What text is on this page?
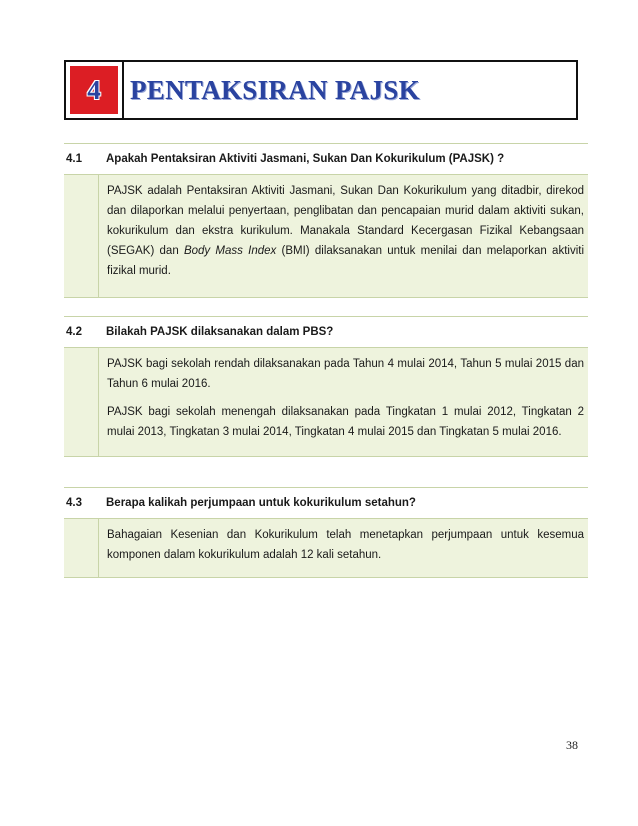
4	PENTAKSIRAN PAJSK
4.1	Apakah Pentaksiran Aktiviti Jasmani, Sukan Dan Kokurikulum (PAJSK) ?

PAJSK adalah Pentaksiran Aktiviti Jasmani, Sukan Dan Kokurikulum yang ditadbir, direkod dan dilaporkan melalui penyertaan, penglibatan dan pencapaian murid dalam aktiviti sukan, kokurikulum dan ekstra kurikulum. Manakala Standard Kecergasan Fizikal Kebangsaan (SEGAK) dan Body Mass Index (BMI) dilaksanakan untuk menilai dan melaporkan aktiviti fizikal murid.

4.2	Bilakah PAJSK dilaksanakan dalam PBS?

PAJSK bagi sekolah rendah dilaksanakan pada Tahun 4 mulai 2014, Tahun 5 mulai 2015 dan Tahun 6 mulai 2016.

PAJSK bagi sekolah menengah dilaksanakan pada Tingkatan 1 mulai 2012, Tingkatan 2 mulai 2013, Tingkatan 3 mulai 2014, Tingkatan 4 mulai 2015 dan Tingkatan 5 mulai 2016.

4.3	Berapa kalikah perjumpaan untuk kokurikulum setahun?

Bahagaian Kesenian dan Kokurikulum telah menetapkan perjumpaan untuk kesemua komponen dalam kokurikulum adalah 12 kali setahun.

38
